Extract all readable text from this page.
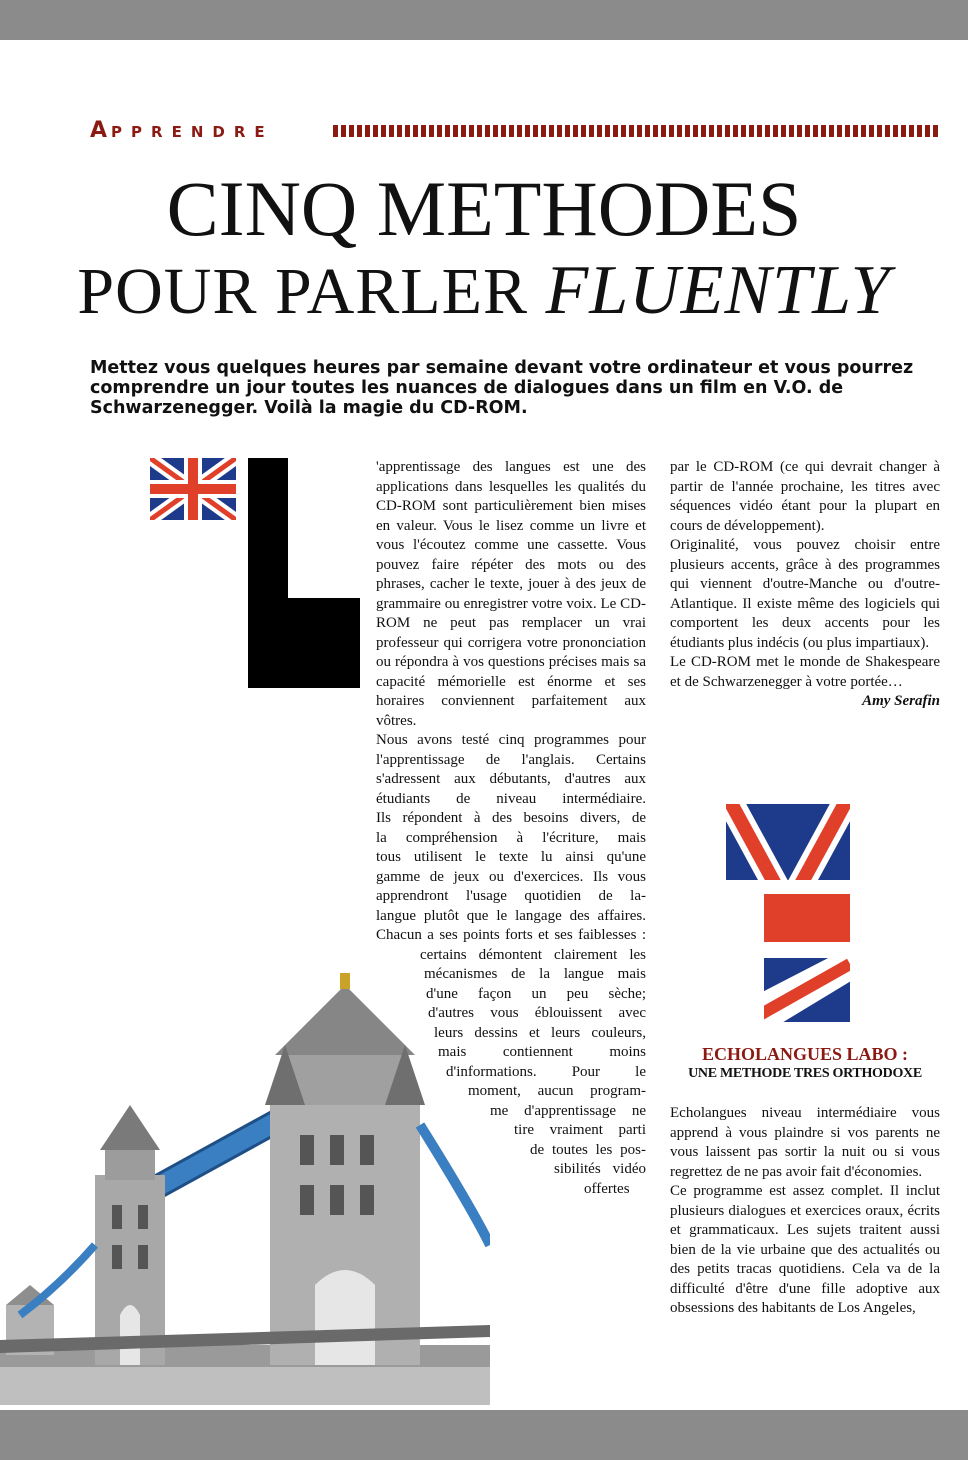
APPRENDRE
CINQ METHODES
POUR PARLER FLUENTLY
Mettez vous quelques heures par semaine devant votre ordinateur et vous pourrez comprendre un jour toutes les nuances de dialogues dans un film en V.O. de Schwarzenegger. Voilà la magie du CD-ROM.

'apprentissage des langues est une des applications dans lesquelles les qualités du CD-ROM sont particulièrement bien mises en valeur. Vous le lisez comme un livre et vous l'écoutez comme une cassette. Vous pouvez faire répéter des mots ou des phrases, cacher le texte, jouer à des jeux de grammaire ou enregistrer votre voix. Le CD-ROM ne peut pas remplacer un vrai professeur qui corrigera votre prononciation ou répondra à vos questions précises mais sa capacité mémorielle est énorme et ses horaires conviennent parfaitement aux vôtres.

Nous avons testé cinq programmes pour
l'apprentissage de l'anglais. Certains
s'adressent aux débutants, d'autres aux
étudiants de niveau intermédiaire.
Ils répondent à des besoins divers, de
la compréhension à l'écriture, mais
tous utilisent le texte lu ainsi qu'une
gamme de jeux ou d'exercices. Ils vous
apprendront l'usage quotidien de la-
langue plutôt que le langage des affaires.
Chacun a ses points forts et ses faiblesses :
certains démontent clairement les
mécanismes de la langue mais
d'une façon un peu sèche;
d'autres vous éblouissent avec
leurs dessins et leurs couleurs,
mais contiennent moins
d'informations. Pour le
moment, aucun program-
me d'apprentissage ne
tire vraiment parti
de toutes les pos-
sibilités vidéo
offertes

par le CD-ROM (ce qui devrait changer à partir de l'année prochaine, les titres avec séquences vidéo étant pour la plupart en cours de développement).

Originalité, vous pouvez choisir entre plusieurs accents, grâce à des programmes qui viennent d'outre-Manche ou d'outre-Atlantique. Il existe même des logiciels qui comportent les deux accents pour les étudiants plus indécis (ou plus impartiaux).

Le CD-ROM met le monde de Shakespeare et de Schwarzenegger à votre portée…

Amy Serafin

ECHOLANGUES LABO :
UNE METHODE TRES ORTHODOXE

Echolangues niveau intermédiaire vous apprend à vous plaindre si vos parents ne vous laissent pas sortir la nuit ou si vous regrettez de ne pas avoir fait d'économies.

Ce programme est assez complet. Il inclut plusieurs dialogues et exercices oraux, écrits et grammaticaux. Les sujets traitent aussi bien de la vie urbaine que des actualités ou des petits tracas quotidiens. Cela va de la difficulté d'être d'une fille adoptive aux obsessions des habitants de Los Angeles,
